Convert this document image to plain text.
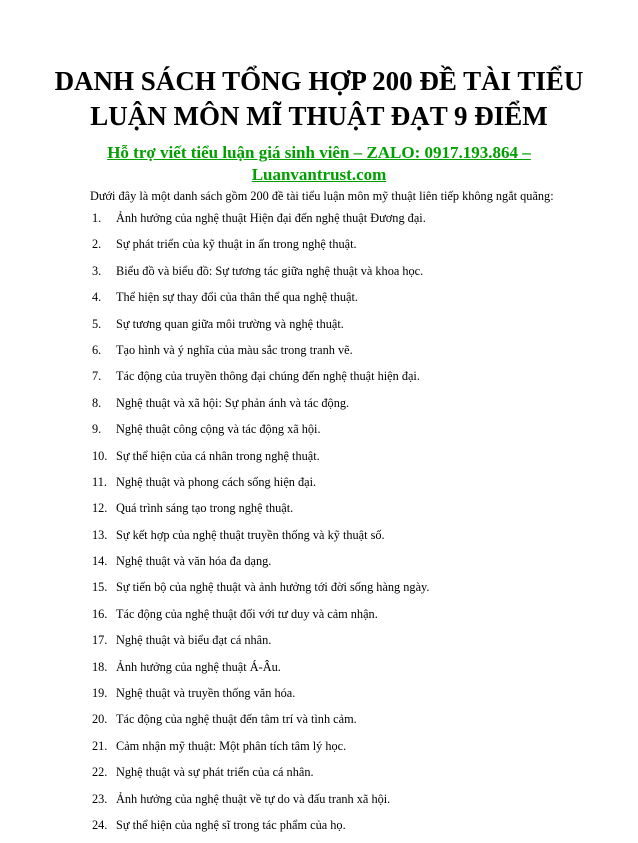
DANH SÁCH TỔNG HỢP 200 ĐỀ TÀI TIỂU
LUẬN MÔN MĨ THUẬT ĐẠT 9 ĐIỂM
Hỗ trợ viết tiểu luận giá sinh viên – ZALO: 0917.193.864 –
Luanvantrust.com
Dưới đây là một danh sách gồm 200 đề tài tiểu luận môn mỹ thuật liên tiếp không ngắt quãng:
1.	Ảnh hưởng của nghệ thuật Hiện đại đến nghệ thuật Đương đại.
2.	Sự phát triển của kỹ thuật in ấn trong nghệ thuật.
3.	Biểu đồ và biểu đồ: Sự tương tác giữa nghệ thuật và khoa học.
4.	Thể hiện sự thay đổi của thân thể qua nghệ thuật.
5.	Sự tương quan giữa môi trường và nghệ thuật.
6.	Tạo hình và ý nghĩa của màu sắc trong tranh vẽ.
7.	Tác động của truyền thông đại chúng đến nghệ thuật hiện đại.
8.	Nghệ thuật và xã hội: Sự phản ánh và tác động.
9.	Nghệ thuật công cộng và tác động xã hội.
10. Sự thể hiện của cá nhân trong nghệ thuật.
11. Nghệ thuật và phong cách sống hiện đại.
12. Quá trình sáng tạo trong nghệ thuật.
13. Sự kết hợp của nghệ thuật truyền thống và kỹ thuật số.
14. Nghệ thuật và văn hóa đa dạng.
15. Sự tiến bộ của nghệ thuật và ảnh hưởng tới đời sống hàng ngày.
16. Tác động của nghệ thuật đối với tư duy và cảm nhận.
17. Nghệ thuật và biểu đạt cá nhân.
18. Ảnh hưởng của nghệ thuật Á-Âu.
19. Nghệ thuật và truyền thống văn hóa.
20. Tác động của nghệ thuật đến tâm trí và tình cảm.
21. Cảm nhận mỹ thuật: Một phân tích tâm lý học.
22. Nghệ thuật và sự phát triển của cá nhân.
23. Ảnh hưởng của nghệ thuật về tự do và đấu tranh xã hội.
24. Sự thể hiện của nghệ sĩ trong tác phẩm của họ.
